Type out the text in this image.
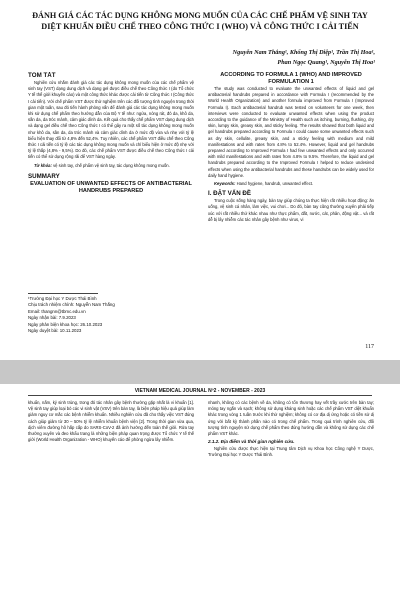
ĐÁNH GIÁ CÁC TÁC DỤNG KHÔNG MONG MUỐN CỦA CÁC CHẾ PHẨM VỆ SINH TAY DIỆT KHUẨN ĐIỀU CHẾ THEO CÔNG THỨC I (WHO) VÀ CÔNG THỨC I CẢI TIẾN
Nguyễn Nam Thắng¹, Khổng Thị Diệp¹, Trần Thị Hoa¹,
Phan Ngọc Quang¹, Nguyễn Thị Hoa¹
TÓM TẮT

Nghiên cứu nhằm đánh giá các tác dụng không mong muốn của các chế phẩm vệ sinh tay (VST) dạng dung dịch và dạng gel được điều chế theo Công thức I (do Tổ chức Y tế thế giới khuyến cáo) và một công thức khác được cải tiến từ Công thức I (Công thức I cải tiến). Với chế phẩm VST được thử nghiệm trên các đối tượng tình nguyện trong thời gian một tuần, sau đó tiến hành phỏng vấn để đánh giá các tác dụng không mong muốn khi sử dụng chế phẩm theo hướng dẫn của Bộ Y tế như: ngứa, nóng rát, đỏ da, khô da, sần da, da tróc mảnh, cảm giác dính da. Kết quả cho thấy chế phẩm VST dạng dung dịch và dạng gel điều chế theo Công thức I có thể gây ra một số tác dụng không mong muốn như khô da, sần da, da tróc mảnh và cảm giác dính da ở mức độ vừa và nhẹ với tỷ lệ biểu hiện thay đổi từ 4,8% đến 52,4%. Tuy nhiên, các chế phẩm VST điều chế theo Công thức I cải tiến có tỷ lệ các tác dụng không mong muốn và chỉ biểu hiện ở mức độ nhẹ với tỷ lệ thấp (4,8% - 9,5%). Do đó, các chế phẩm VST được điều chế theo Công thức I cải tiến có thể sử dụng rộng rãi để VST hàng ngày.

Từ khóa: vệ sinh tay, chế phẩm vệ sinh tay, tác dụng không mong muốn.

SUMMARY
EVALUATION OF UNWANTED EFFECTS OF ANTIBACTERIAL HANDRUBS PREPARED
¹Trường Đại học Y Dược Thái Bình
Chịu trách nhiệm chính: Nguyễn Nam Thắng
Email: thangnn@tbmc.edu.vn
Ngày nhận bài: 7.9.2023
Ngày phản biện khoa học: 26.10.2023
Ngày duyệt bài: 10.11.2023
ACCORDING TO FORMULA 1 (WHO) AND IMPROVED FORMULATION 1

The study was conducted to evaluate the unwanted effects of liquid and gel antibacterial handrubs prepared in accordance with Formula I (recommended by the World Health Organization) and another formula improved from Formula I (Improved Formula I). Each antibacterial handrub was tested on volunteers for one week, then interviews were conducted to evaluate unwanted effects when using the product according to the guidance of the Ministry of Health such as itching, burning, flushing, dry skin, lumpy skin, greasy skin, and sticky feeling. The results showed that both liquid and gel handrubs prepared according to Formula I could cause some unwanted effects such as dry skin, cellulite, greasy skin, and a sticky feeling with medium and mild manifestations and with rates from 4.8% to 52.4%. However, liquid and gel handrubs prepared according to Improved Formula I had few unwanted effects and only occurred with mild manifestations and with rates from 4.8% to 9.5%. Therefore, the liquid and gel handrubs prepared according to the Improved Formula I helped to reduce undesired effects when using the antibacterial handrubs and these handrubs can be widely used for daily hand hygiene.

Keywords: Hand hygiene, handrub, unwanted effect.

I. ĐẶT VẤN ĐỀ

Trong cuộc sống hàng ngày, bàn tay giúp chúng ta thực hiện rất nhiều hoạt động: ăn uống, vệ sinh cá nhân, làm việc, vui chơi... Do đó, bàn tay cũng thường xuyên phải tiếp xúc với rất nhiều thứ khác nhau như thực phẩm, đất, nước, cát, phân, động vật... và rất dễ bị lây nhiễm các tác nhân gây bệnh như virus, vi

117
VIETNAM MEDICAL JOURNAL Nº2 - NOVEMBER - 2023

khuẩn, nấm, ký sinh trùng, trong đó tác nhân gây bệnh thường gặp nhất là vi khuẩn [1]. Vệ sinh tay giúp loại bỏ các vi sinh vật (VSV) trên bàn tay, là biện pháp hiệu quả giúp làm giảm nguy cơ mắc các bệnh nhiễm khuẩn. Nhiều nghiên cứu đã cho thấy việc VST đúng cách giúp giảm từ 30 – 50% tỷ lệ nhiễm khuẩn bệnh viện [2]. Trong thời gian vừa qua, dịch viêm đường hô hấp cấp do SARS-CoV-2 đã ảnh hưởng đến toàn thế giới. Rửa tay thường xuyên và đeo khẩu trang là những biện pháp quan trọng được Tổ chức Y tế thế giới (World Health Organization - WHO) khuyến cáo để phòng ngừa lây nhiễm.

nhanh, không có các bệnh về da, không có tổn thương hay vết trầy xước trên bàn tay; móng tay ngắn và sạch; không sử dụng kháng sinh hoặc các chế phẩm VST diệt khuẩn khác trong vòng 1 tuần trước khi thử nghiệm; không có cơ địa dị ứng hoặc có tiền sử dị ứng với bất kỳ thành phần nào có trong chế phẩm. Trong quá trình nghiên cứu, đối tượng tình nguyện sử dụng chế phẩm theo đúng hướng dẫn và không sử dụng các chế phẩm VST khác.

2.1.2. Địa điểm và thời gian nghiên cứu.

Nghiên cứu được thực hiện tại Trung tâm Dịch vụ Khoa học Công nghệ Y Dược, Trường Đại học Y Dược Thái Bình.
